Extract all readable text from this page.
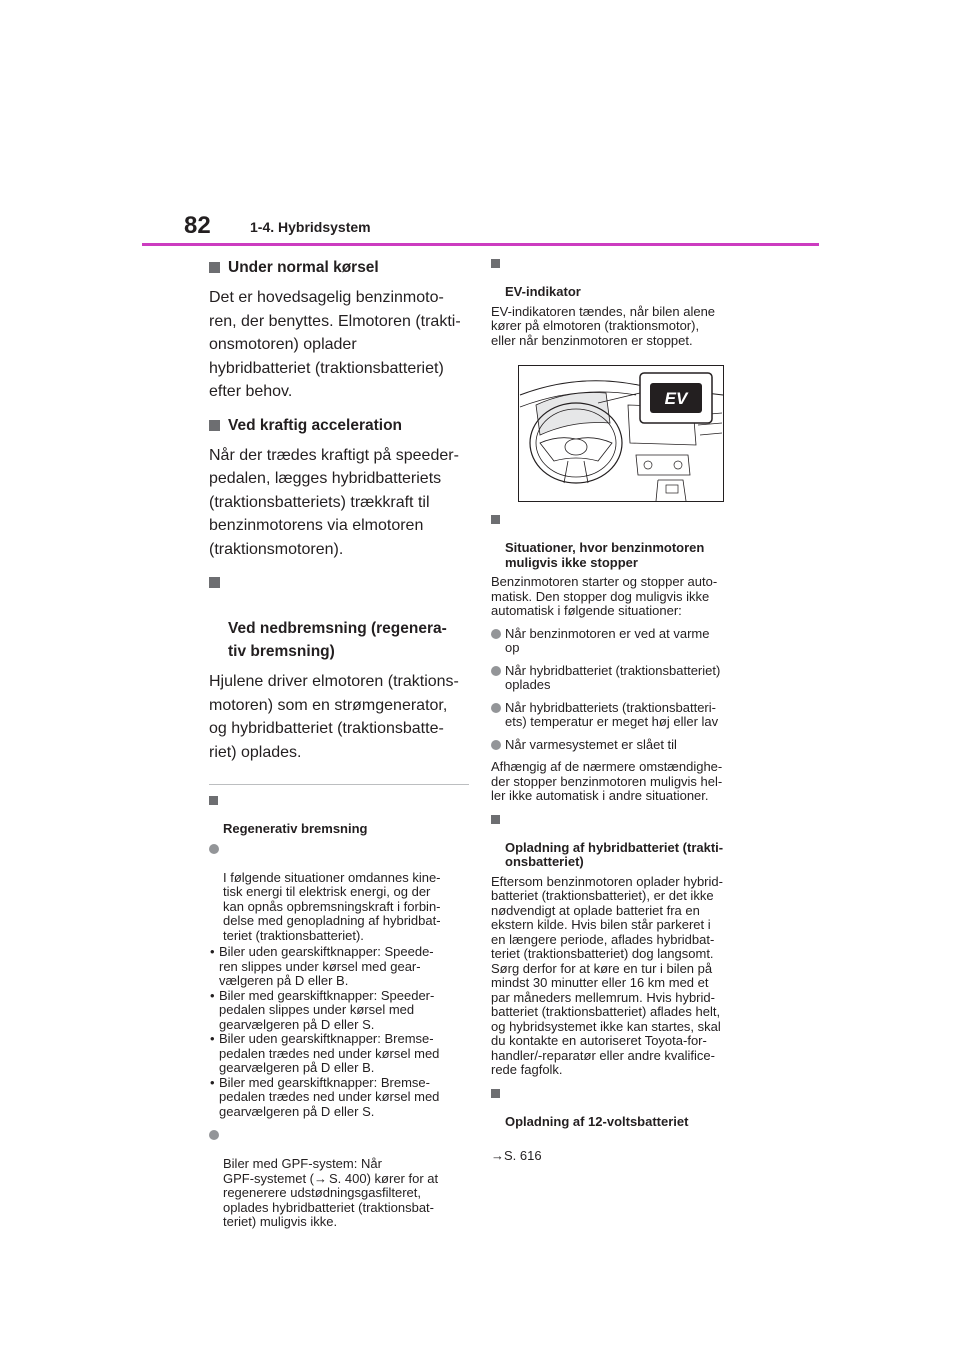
82	1-4. Hybridsystem
Under normal kørsel
Det er hovedsagelig benzinmoto-
ren, der benyttes. Elmotoren (trakti-
onsmotoren) oplader
hybridbatteriet (traktionsbatteriet)
efter behov.
Ved kraftig acceleration
Når der trædes kraftigt på speeder-
pedalen, lægges hybridbatteriets
(traktionsbatteriets) trækkraft til
benzinmotorens via elmotoren
(traktionsmotoren).

Ved nedbremsning (regenera-
tiv bremsning)

Hjulene driver elmotoren (traktions-
motoren) som en strømgenerator,
og hybridbatteriet (traktionsbatte-
riet) oplades.

Regenerativ bremsning

I følgende situationer omdannes kine-
tisk energi til elektrisk energi, og der
kan opnås opbremsningskraft i forbin-
delse med genopladning af hybridbat-
teriet (traktionsbatteriet).

• Biler uden gearskiftknapper: Speede-
ren slippes under kørsel med gear-
vælgeren på D eller B.
• Biler med gearskiftknapper: Speeder-
pedalen slippes under kørsel med
gearvælgeren på D eller S.
• Biler uden gearskiftknapper: Bremse-
pedalen trædes ned under kørsel med
gearvælgeren på D eller B.
• Biler med gearskiftknapper: Bremse-
pedalen trædes ned under kørsel med
gearvælgeren på D eller S.

Biler med GPF-system: Når
GPF-systemet (→ S. 400) kører for at
regenerere udstødningsgasfilteret,
oplades hybridbatteriet (traktionsbat-
teriet) muligvis ikke.

EV-indikator

EV-indikatoren tændes, når bilen alene
kører på elmotoren (traktionsmotor),
eller når benzinmotoren er stoppet.
EV

Situationer, hvor benzinmotoren
muligvis ikke stopper

Benzinmotoren starter og stopper auto-
matisk. Den stopper dog muligvis ikke
automatisk i følgende situationer:
Når benzinmotoren er ved at varme
op
Når hybridbatteriet (traktionsbatteriet)
oplades
Når hybridbatteriets (traktionsbatteri-
ets) temperatur er meget høj eller lav
Når varmesystemet er slået til
Afhængig af de nærmere omstændighe-
der stopper benzinmotoren muligvis hel-
ler ikke automatisk i andre situationer.

Opladning af hybridbatteriet (trakti-
onsbatteriet)

Eftersom benzinmotoren oplader hybrid-
batteriet (traktionsbatteriet), er det ikke
nødvendigt at oplade batteriet fra en
ekstern kilde. Hvis bilen står parkeret i
en længere periode, aflades hybridbat-
teriet (traktionsbatteriet) dog langsomt.
Sørg derfor for at køre en tur i bilen på
mindst 30 minutter eller 16 km med et
par måneders mellemrum. Hvis hybrid-
batteriet (traktionsbatteriet) aflades helt,
og hybridsystemet ikke kan startes, skal
du kontakte en autoriseret Toyota-for-
handler/-reparatør eller andre kvalifice-
rede fagfolk.

Opladning af 12-voltsbatteriet

→S. 616
